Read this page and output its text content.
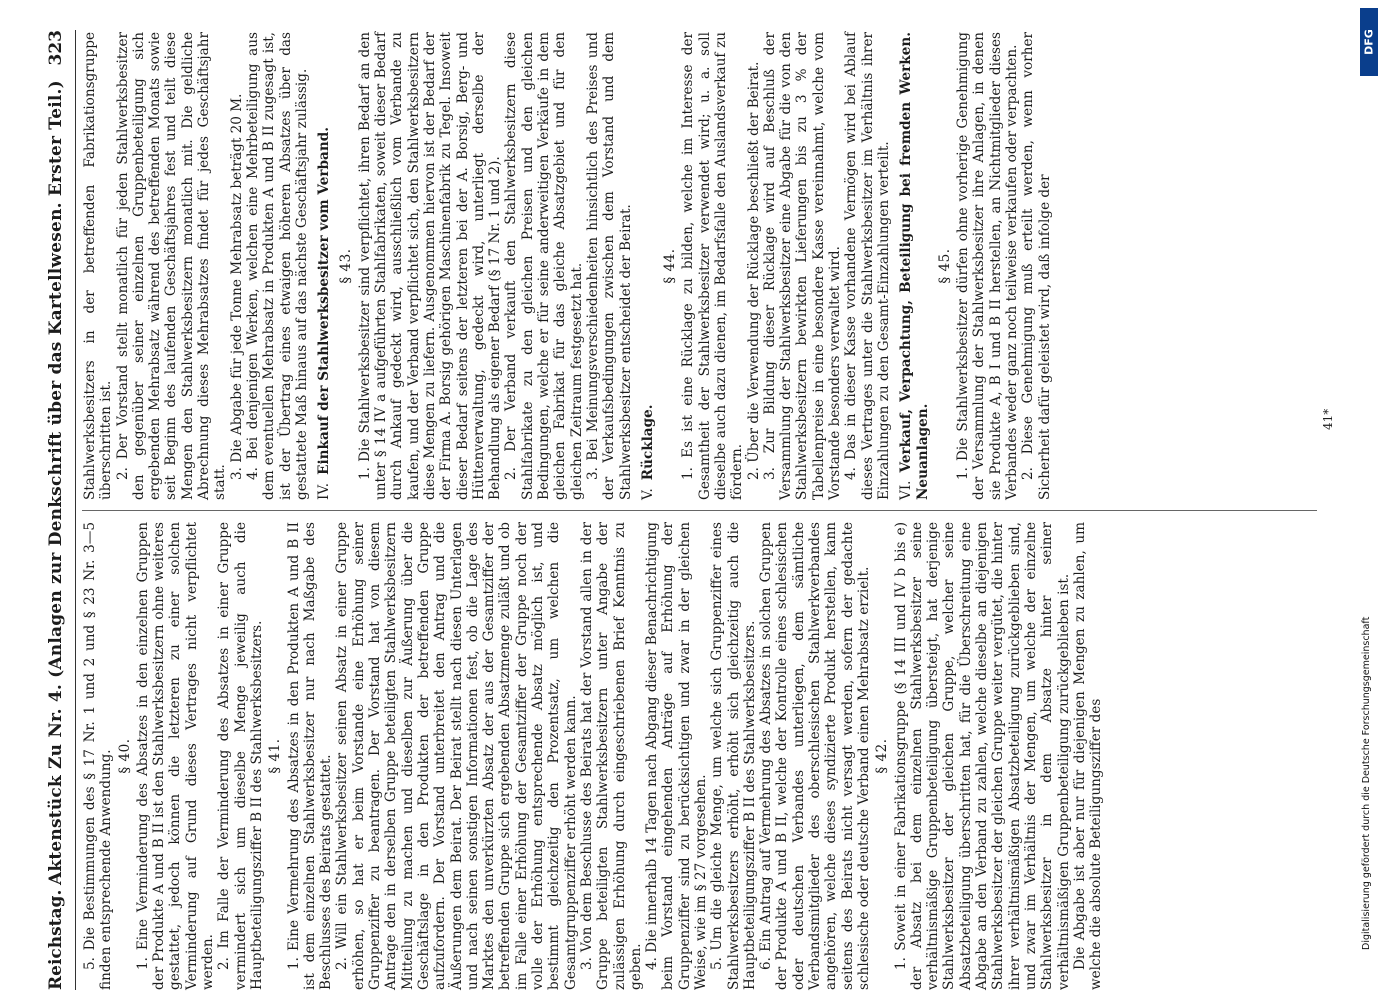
Reichstag.
Aktenstück Zu Nr. 4. (Anlagen zur Denkschrift über das Kartellwesen. Erster Teil.)
323

5. Die Bestimmungen des § 17 Nr. 1 und 2 und § 23 Nr. 3—5 finden entsprechende Anwendung. § 40. 1. Eine Verminderung des Absatzes in den einzelnen Gruppen der Produkte A und B II ist den Stahlwerksbesitzern ohne weiteres gestattet, jedoch können die letzteren zu einer solchen Verminderung auf Grund dieses Vertrages nicht verpflichtet werden. 2. Im Falle der Verminderung des Absatzes in einer Gruppe vermindert sich um dieselbe Menge jeweilig auch die Hauptbeteiligungsziffer B II des Stahlwerksbesitzers. § 41. 1. Eine Vermehrung des Absatzes in den Produkten A und B II ist dem einzelnen Stahlwerksbesitzer nur nach Maßgabe des Beschlusses des Beirats gestattet. 2. Will ein Stahlwerksbesitzer seinen Absatz in einer Gruppe erhöhen, so hat er beim Vorstande eine Erhöhung seiner Gruppenziffer zu beantragen. Der Vorstand hat von diesem Antrage den in derselben Gruppe beteiligten Stahlwerksbesitzern Mitteilung zu machen und dieselben zur Äußerung über die Geschäftslage in den Produkten der betreffenden Gruppe aufzufordern. Der Vorstand unterbreitet den Antrag und die Äußerungen dem Beirat. Der Beirat stellt nach diesen Unterlagen und nach seinen sonstigen Informationen fest, ob die Lage des Marktes den unverkürzten Absatz der aus der Gesamtziffer der betreffenden Gruppe sich ergebenden Absatzmenge zuläßt und ob im Falle einer Erhöhung der Gesamtziffer der Gruppe noch der volle der Erhöhung entsprechende Absatz möglich ist, und bestimmt gleichzeitig den Prozentsatz, um welchen die Gesamtgruppenziffer erhöht werden kann. 3. Von dem Beschlusse des Beirats hat der Vorstand allen in der Gruppe beteiligten Stahlwerksbesitzern unter Angabe der zulässigen Erhöhung durch eingeschriebenen Brief Kenntnis zu geben. 4. Die innerhalb 14 Tagen nach Abgang dieser Benachrichtigung beim Vorstand eingehenden Anträge auf Erhöhung der Gruppenziffer sind zu berücksichtigen und zwar in der gleichen Weise, wie im § 27 vorgesehen. 5. Um die gleiche Menge, um welche sich Gruppenziffer eines Stahlwerksbesitzers erhöht, erhöht sich gleichzeitig auch die Hauptbeteiligungsziffer B II des Stahlwerksbesitzers. 6. Ein Antrag auf Vermehrung des Absatzes in solchen Gruppen der Produkte A und B II, welche der Kontrolle eines schlesischen oder deutschen Verbandes unterliegen, dem sämtliche Verbandsmitglieder des oberschlesischen Stahlwerkverbandes angehören, welche dieses syndizierte Produkt herstellen, kann seitens des Beirats nicht versagt werden, sofern der gedachte schlesische oder deutsche Verband einen Mehrabsatz erzielt. § 42. 1. Soweit in einer Fabrikationsgruppe (§ 14 III und IV b bis e) der Absatz bei dem einzelnen Stahlwerksbesitzer seine verhältnismäßige Gruppenbeteiligung übersteigt, hat derjenige Stahlwerksbesitzer der gleichen Gruppe, welcher seine Absatzbeteiligung überschritten hat, für die Überschreitung eine Abgabe an den Verband zu zahlen, welche dieselbe an diejenigen Stahlwerksbesitzer der gleichen Gruppe weiter vergütet, die hinter ihrer verhältnismäßigen Absatzbeteiligung zurückgeblieben sind, und zwar im Verhältnis der Mengen, um welche der einzelne Stahlwerksbesitzer in dem Absatze hinter seiner verhältnismäßigen Gruppenbeteiligung zurückgeblieben ist. Die Abgabe ist aber nur für diejenigen Mengen zu zahlen, um welche die absolute Beteiligungsziffer des

Stahlwerksbesitzers in der betreffenden Fabrikationsgruppe überschritten ist. 2. Der Vorstand stellt monatlich für jeden Stahlwerksbesitzer den gegenüber seiner einzelnen Gruppenbeteiligung sich ergebenden Mehrabsatz während des betreffenden Monats sowie seit Beginn des laufenden Geschäftsjahres fest und teilt diese Mengen den Stahlwerksbesitzern monatlich mit. Die geldliche Abrechnung dieses Mehrabsatzes findet für jedes Geschäftsjahr statt.

3. Die Abgabe für jede Tonne Mehrabsatz beträgt 20 M. 4. Bei denjenigen Werken, welchen eine Mehrbeteiligung aus dem eventuellen Mehrabsatz in Produkten A und B II zugesagt ist, ist der Übertrag eines etwaigen höheren Absatzes über das gestattete Maß hinaus auf das nächste Geschäftsjahr zulässig. IV.Einkauf der Stahlwerksbesitzer vom Verband. § 43. 1. Die Stahlwerksbesitzer sind verpflichtet, ihren Bedarf an den unter § 14 IV a aufgeführten Stahlfabrikaten, soweit dieser Bedarf durch Ankauf gedeckt wird, ausschließlich vom Verbande zu kaufen, und der Verband verpflichtet sich, den Stahlwerksbesitzern diese Mengen zu liefern. Ausgenommen hiervon ist der Bedarf der der Firma A. Borsig gehörigen Maschinenfabrik zu Tegel. Insoweit dieser Bedarf seitens der letzteren bei der A. Borsig, Berg- und Hüttenverwaltung, gedeckt wird, unterliegt derselbe der Behandlung als eigener Bedarf (§ 17 Nr. 1 und 2). 2. Der Verband verkauft den Stahlwerksbesitzern diese Stahlfabrikate zu den gleichen Preisen und den gleichen Bedingungen, welche er für seine anderweitigen Verkäufe in dem gleichen Fabrikat für das gleiche Absatzgebiet und für den gleichen Zeitraum festgesetzt hat. 3. Bei Meinungsverschiedenheiten hinsichtlich des Preises und der Verkaufsbedingungen zwischen dem Vorstand und dem Stahlwerksbesitzer entscheidet der Beirat. V.Rücklage.

§ 44. 1. Es ist eine Rücklage zu bilden, welche im Interesse der Gesamtheit der Stahlwerksbesitzer verwendet wird; u. a. soll dieselbe auch dazu dienen, im Bedarfsfalle den Auslandsverkauf zu fördern. 2. Über die Verwendung der Rücklage beschließt der Beirat. 3. Zur Bildung dieser Rücklage wird auf Beschluß der Versammlung der Stahlwerksbesitzer eine Abgabe für die von den Stahlwerksbesitzern bewirkten Lieferungen bis zu 3 % der Tabellenpreise in eine besondere Kasse vereinnahmt, welche vom Vorstande besonders verwaltet wird. 4. Das in dieser Kasse vorhandene Vermögen wird bei Ablauf dieses Vertrages unter die Stahlwerksbesitzer im Verhältnis ihrer Einzahlungen zu den Gesamt-Einzahlungen verteilt. VI.Verkauf, Verpachtung, Beteiligung bei fremden Werken. Neuanlagen.

§ 45. 1. Die Stahlwerksbesitzer dürfen ohne vorherige Genehmigung der Versammlung der Stahlwerksbesitzer ihre Anlagen, in denen sie Produkte A, B I und B II herstellen, an Nichtmitglieder dieses Verbandes weder ganz noch teilweise verkaufen oder verpachten. 2. Diese Genehmigung muß erteilt werden, wenn vorher Sicherheit dafür geleistet wird, daß infolge der	41*
DFG
Digitalisierung gefördert durch die Deutsche Forschungsgemeinschaft
